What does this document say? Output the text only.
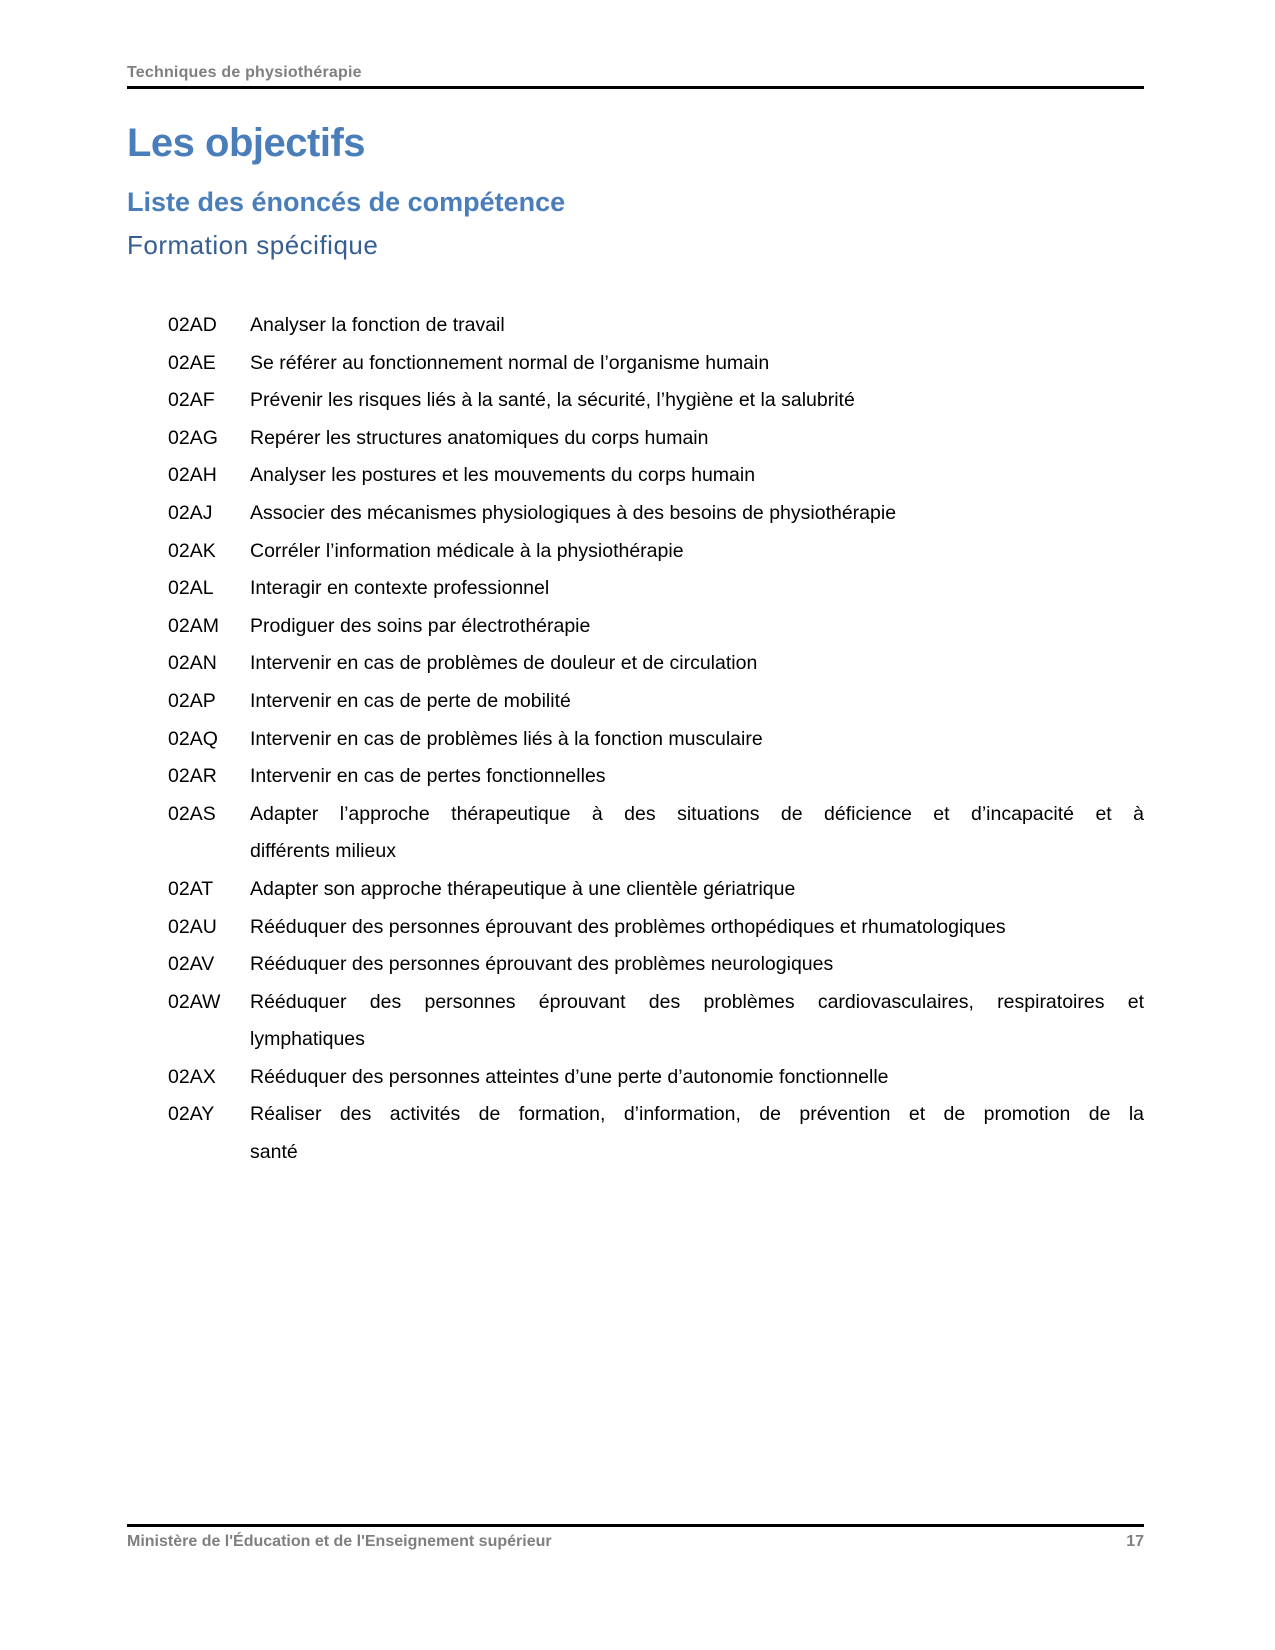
Techniques de physiothérapie
Les objectifs
Liste des énoncés de compétence
Formation spécifique
02AD Analyser la fonction de travail
02AE Se référer au fonctionnement normal de l’organisme humain
02AF Prévenir les risques liés à la santé, la sécurité, l’hygiène et la salubrité
02AG Repérer les structures anatomiques du corps humain
02AH Analyser les postures et les mouvements du corps humain
02AJ Associer des mécanismes physiologiques à des besoins de physiothérapie
02AK Corréler l’information médicale à la physiothérapie
02AL Interagir en contexte professionnel
02AM Prodiguer des soins par électrothérapie
02AN Intervenir en cas de problèmes de douleur et de circulation
02AP Intervenir en cas de perte de mobilité
02AQ Intervenir en cas de problèmes liés à la fonction musculaire
02AR Intervenir en cas de pertes fonctionnelles
02AS Adapter l’approche thérapeutique à des situations de déficience et d’incapacité et à
différents milieux
02AT Adapter son approche thérapeutique à une clientèle gériatrique
02AU Rééduquer des personnes éprouvant des problèmes orthopédiques et rhumatologiques
02AV Rééduquer des personnes éprouvant des problèmes neurologiques
02AW Rééduquer des personnes éprouvant des problèmes cardiovasculaires, respiratoires et
lymphatiques
02AX Rééduquer des personnes atteintes d’une perte d’autonomie fonctionnelle
02AY Réaliser des activités de formation, d’information, de prévention et de promotion de la
santé
Ministère de l'Éducation et de l'Enseignement supérieur	17
